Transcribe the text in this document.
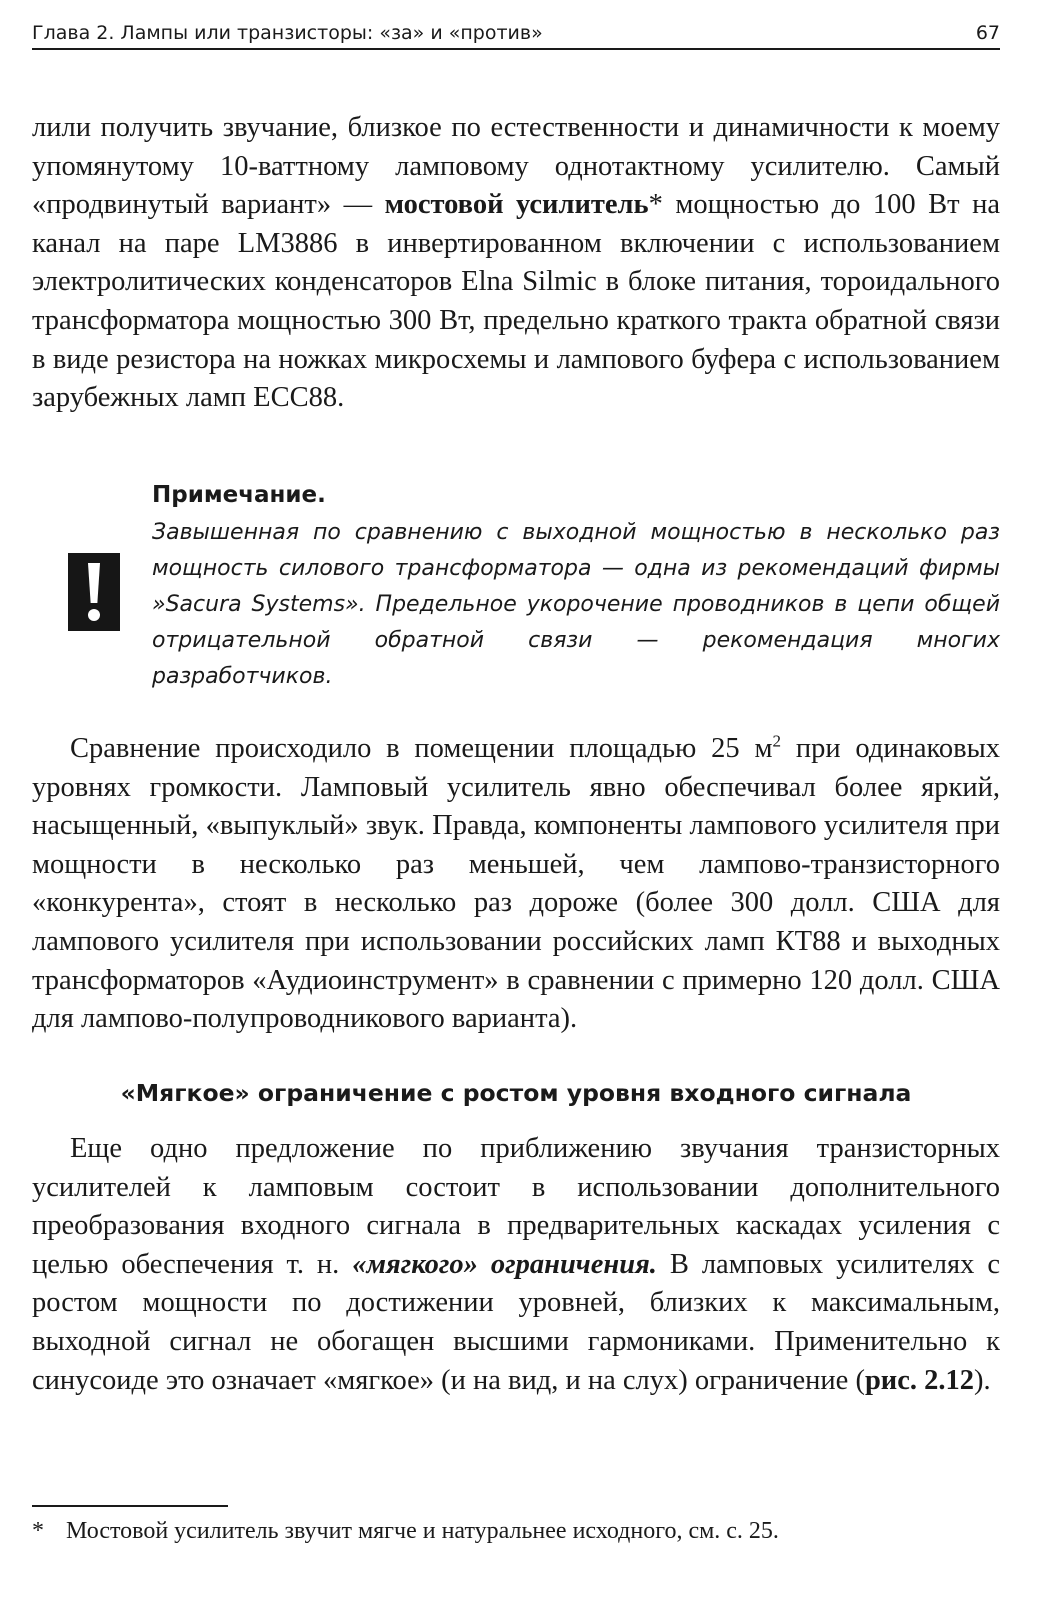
Глава 2. Лампы или транзисторы: «за» и «против»	67

лили получить звучание, близкое по естественности и динамичности к моему упомянутому 10-ваттному ламповому однотактному усилителю. Самый «продвинутый вариант» — мостовой усилитель* мощностью до 100 Вт на канал на паре LM3886 в инвертированном включении с использованием электролитических конденсаторов Elna Silmic в блоке питания, тороидального трансформатора мощностью 300 Вт, предельно краткого тракта обратной связи в виде резистора на ножках микросхемы и лампового буфера с использованием зарубежных ламп ECC88.

Примечание.

Завышенная по сравнению с выходной мощностью в несколько раз мощность силового трансформатора — одна из рекомендаций фирмы »Sacura Systems». Предельное укорочение проводников в цепи общей отрицательной обратной связи — рекомендация многих разработчиков.

Сравнение происходило в помещении площадью 25 $м^2$ при одинаковых уровнях громкости. Ламповый усилитель явно обеспечивал более яркий, насыщенный, «выпуклый» звук. Правда, компоненты лампового усилителя при мощности в несколько раз меньшей, чем лампово-транзисторного «конкурента», стоят в несколько раз дороже (более 300 долл. США для лампового усилителя при использовании российских ламп КТ88 и выходных трансформаторов «Аудиоинструмент» в сравнении с примерно 120 долл. США для лампово-полупроводникового варианта).

«Мягкое» ограничение с ростом уровня входного сигнала

Еще одно предложение по приближению звучания транзисторных усилителей к ламповым состоит в использовании дополнительного преобразования входного сигнала в предварительных каскадах усиления с целью обеспечения т. н. «мягкого» ограничения. В ламповых усилителях с ростом мощности по достижении уровней, близких к максимальным, выходной сигнал не обогащен высшими гармониками. Применительно к синусоиде это означает «мягкое» (и на вид, и на слух) ограничение (рис. 2.12).

* Мостовой усилитель звучит мягче и натуральнее исходного, см. с. 25.
